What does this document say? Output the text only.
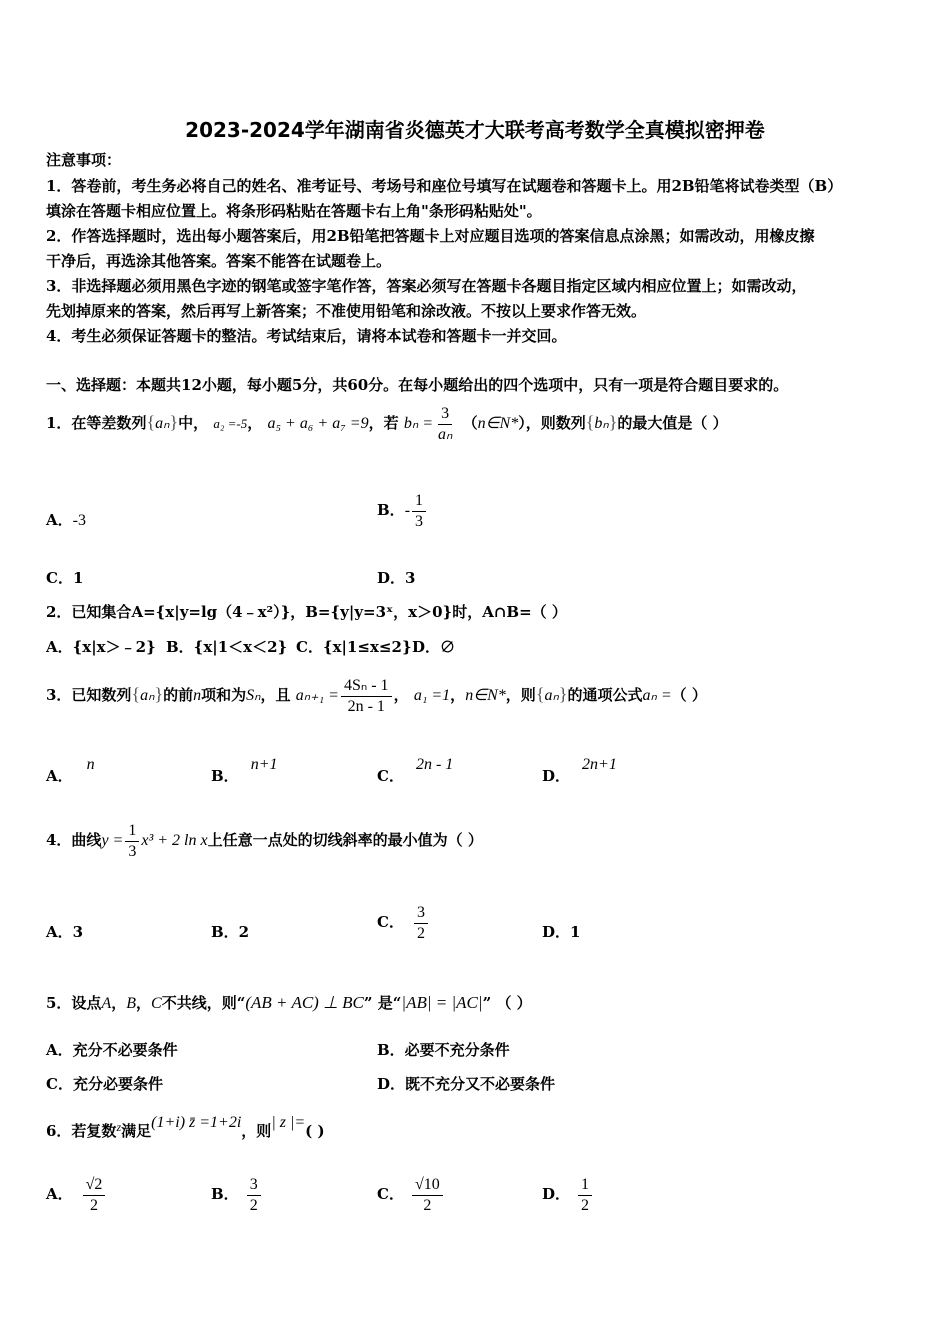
2023-2024学年湖南省炎德英才大联考高考数学全真模拟密押卷
注意事项：
1．答卷前，考生务必将自己的姓名、准考证号、考场号和座位号填写在试题卷和答题卡上。用2B铅笔将试卷类型（B）
填涂在答题卡相应位置上。将条形码粘贴在答题卡右上角"条形码粘贴处"。
2．作答选择题时，选出每小题答案后，用2B铅笔把答题卡上对应题目选项的答案信息点涂黑；如需改动，用橡皮擦
干净后，再选涂其他答案。答案不能答在试题卷上。
3．非选择题必须用黑色字迹的钢笔或签字笔作答，答案必须写在答题卡各题目指定区域内相应位置上；如需改动，
先划掉原来的答案，然后再写上新答案；不准使用铅笔和涂改液。不按以上要求作答无效。
4．考生必须保证答题卡的整洁。考试结束后，请将本试卷和答题卡一并交回。
一、选择题：本题共12小题，每小题5分，共60分。在每小题给出的四个选项中，只有一项是符合题目要求的。
1．在等差数列{aₙ}中， a₂ =-5， a₅ + a₆ + a₇ =9，若 $b_n = \frac{3}{\text{aₙ}}$ （n∈N*），则数列{bₙ}的最大值是（ ）
A．-3
B．- $\frac{1}{3}$
C．1	D．3
2．已知集合A={x|y=lg（4﹣x²）}，B={y|y=3ˣ，x＞0}时，A∩B=（ ）
A．{x|x＞﹣2} B．{x|1＜x＜2} C．{x|1≤x≤2} D．∅
3．已知数列{aₙ}的前n项和为Sₙ，且 $a_{n+1} = \frac{\text{4Sₙ - 1}}{2n - 1}$ ， a₁ =1，n∈N*，则{aₙ}的通项公式aₙ =（ ）
A．n
B．n+1
C．2n - 1
D．2n+1
4．曲线$y = \frac{1}{3} x^3 + 2$ ln x上任意一点处的切线斜率的最小值为（ ）
A．3	B．2
C． $\frac{3}{2}$	D．1
5．设点A，B，C不共线，则“(AB + AC) ⊥ BC” 是“|AB| = |AC|” （ ）
A．充分不必要条件	B．必要不充分条件
C．充分必要条件	D．既不充分又不必要条件
6．若复数$^z$满足(1+i) z̄ =1+2i，则| z |=( )
A． $\frac{√2}{2}$	B． $\frac{3}{2}$	C． $\frac{√10}{2}$	D． $\frac{1}{2}$
